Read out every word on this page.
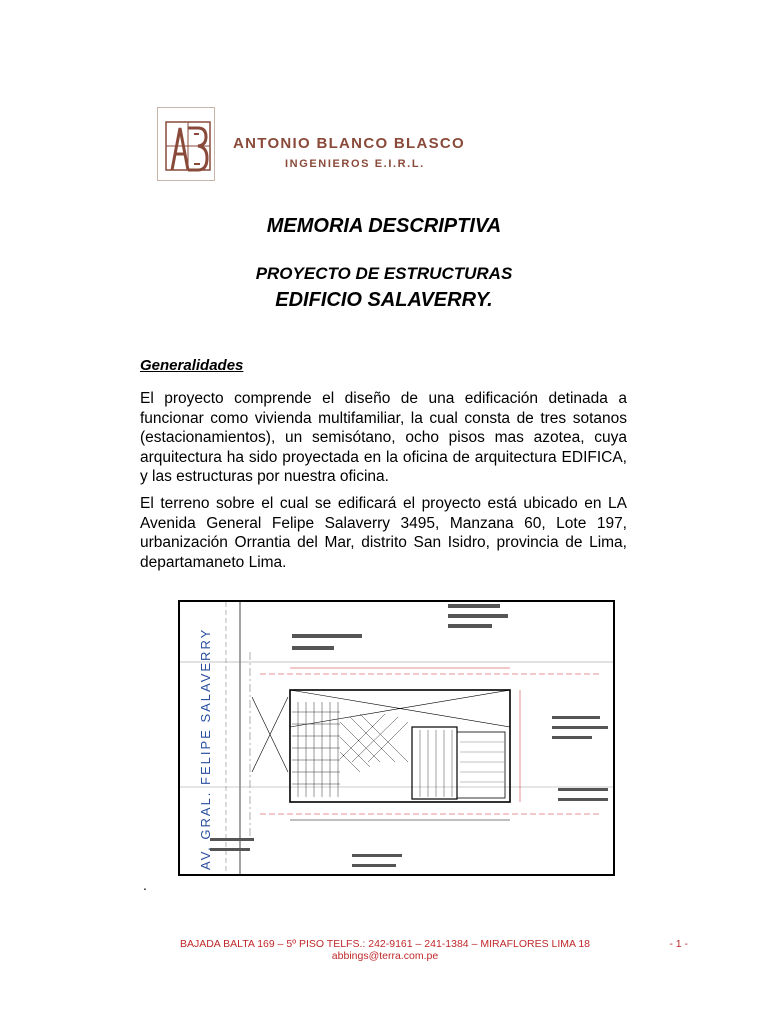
ANTONIO BLANCO BLASCO
INGENIEROS E.I.R.L.
MEMORIA DESCRIPTIVA
PROYECTO DE ESTRUCTURAS
EDIFICIO SALAVERRY.
Generalidades

El proyecto comprende el diseño de una edificación detinada a funcionar como vivienda multifamiliar, la cual consta de tres sotanos (estacionamientos), un semisótano, ocho pisos mas azotea, cuya arquitectura ha sido proyectada en la oficina de arquitectura EDIFICA, y las estructuras por nuestra oficina.

El terreno sobre el cual se edificará el proyecto está ubicado en LA Avenida General Felipe Salaverry 3495, Manzana 60, Lote 197, urbanización Orrantia del Mar, distrito San Isidro, provincia de Lima, departamaneto Lima.

AV. GRAL. FELIPE SALAVERRY

.

BAJADA BALTA 169 – 5º PISO TELFS.: 242-9161 – 241-1384 – MIRAFLORES LIMA 18

abbings@terra.com.pe

- 1 -
